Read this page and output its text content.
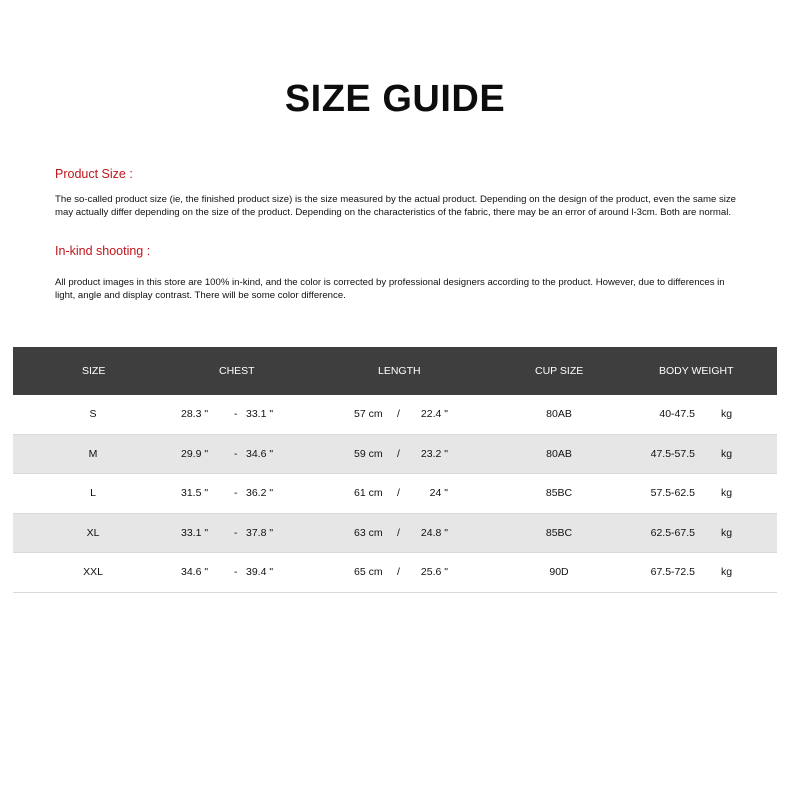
SIZE GUIDE
Product Size :
The so-called product size (ie, the finished product size) is the size measured by the actual product. Depending on the design of the product, even the same size may actually differ depending on the size of the product. Depending on the characteristics of the fabric, there may be an error of around l-3cm. Both are normal.
In-kind shooting :
All product images in this store are 100% in-kind, and the color is corrected by professional designers according to the product. However, due to differences in light, angle and display contrast. There will be some color difference.
SIZE	CHEST	LENGTH	CUP SIZE	BODY WEIGHT
S	28.3 "	- 33.1 "	57 cm	/	22.4 "	80AB	40-47.5 kg
M	29.9 "	- 34.6 "	59 cm	/	23.2 "	80AB	47.5-57.5 kg
L	31.5 "	- 36.2 "	61 cm	/	24 "	85BC	57.5-62.5 kg
XL	33.1 "	- 37.8 "	63 cm	/	24.8 "	85BC	62.5-67.5 kg
XXL	34.6 "	- 39.4 "	65 cm	/	25.6 "	90D	67.5-72.5 kg
